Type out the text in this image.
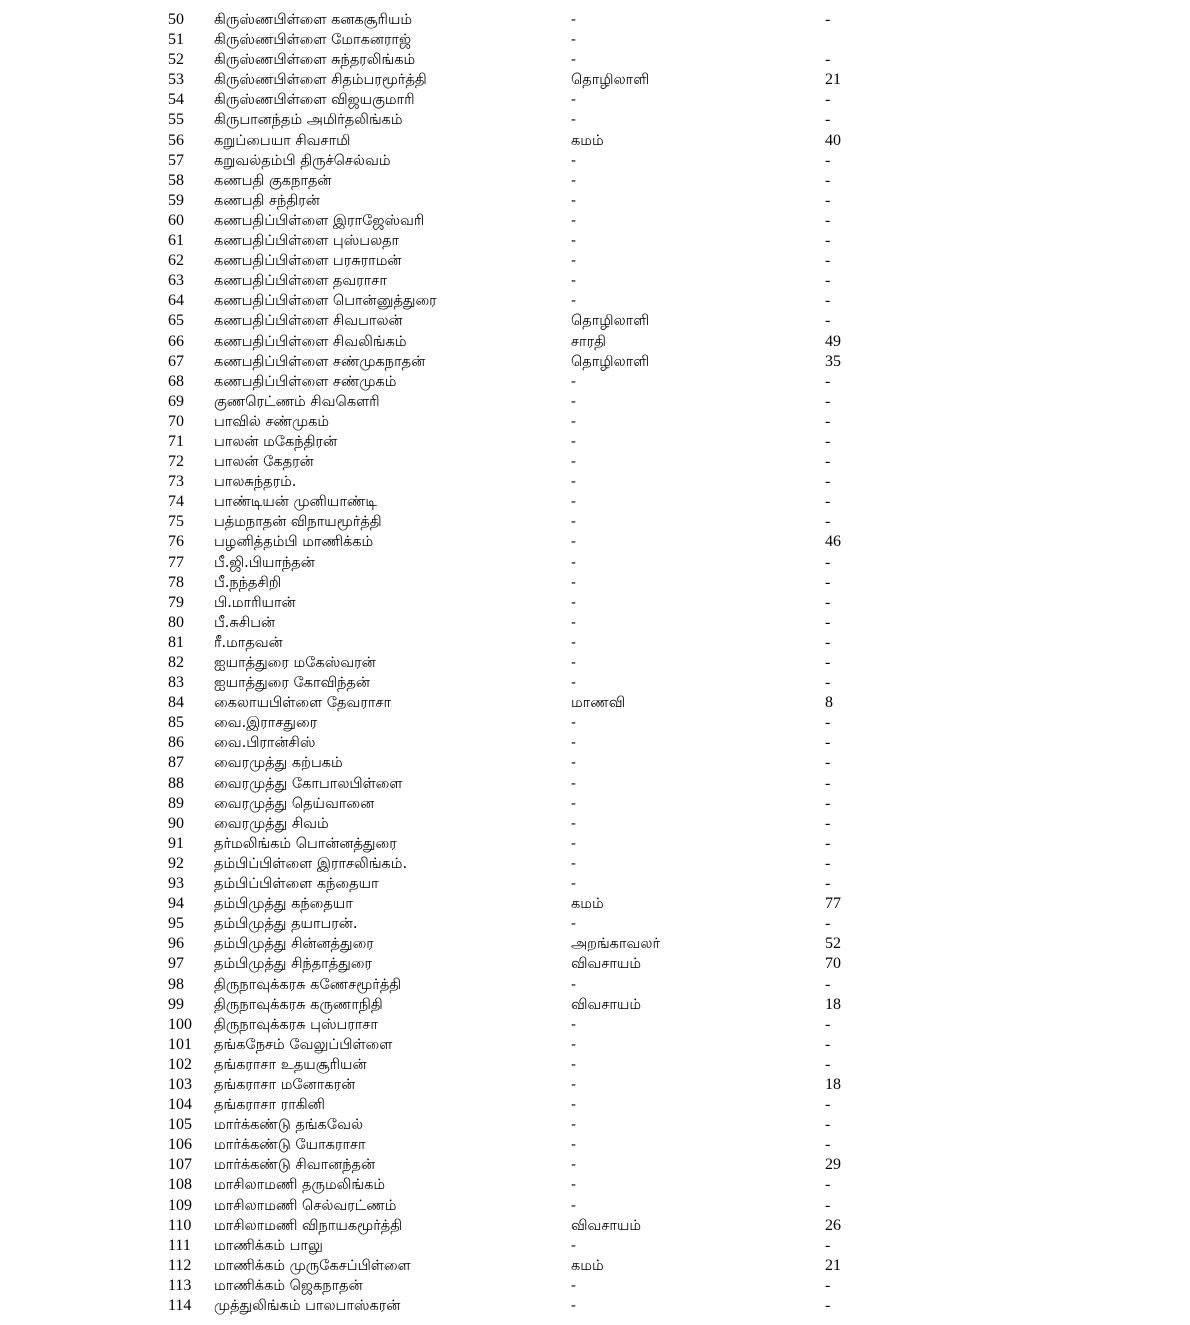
50 கிருஸ்ணபிள்ளை கனகசூரியம்	-	-
51 கிருஸ்ணபிள்ளை மோகனராஜ்	-
52 கிருஸ்ணபிள்ளை சுந்தரலிங்கம்	-	-
53 கிருஸ்ணபிள்ளை சிதம்பரமூர்த்தி	தொழிலாளி	21
54 கிருஸ்ணபிள்ளை விஜயகுமாரி	-	-
55 கிருபானந்தம் அமிர்தலிங்கம்	-	-
56 கறுப்பையா சிவசாமி	கமம்	40
57 கறுவல்தம்பி திருச்செல்வம்	-	-
58 கணபதி குகநாதன்	-	-
59 கணபதி சந்திரன்	-	-
60 கணபதிப்பிள்ளை இராஜேஸ்வரி	-	-
61 கணபதிப்பிள்ளை புஸ்பலதா	-	-
62 கணபதிப்பிள்ளை பரசுராமன்	-	-
63 கணபதிப்பிள்ளை தவராசா	-	-
64 கணபதிப்பிள்ளை பொன்னுத்துரை	-	-
65 கணபதிப்பிள்ளை சிவபாலன்	தொழிலாளி	-
66 கணபதிப்பிள்ளை சிவலிங்கம்	சாரதி	49
67 கணபதிப்பிள்ளை சண்முகநாதன்	தொழிலாளி	35
68 கணபதிப்பிள்ளை சண்முகம்	-	-
69 குணரெட்ணம் சிவகௌரி	-	-
70 பாவில் சண்முகம்	-	-
71 பாலன் மகேந்திரன்	-	-
72 பாலன் கேதரன்	-	-
73 பாலசுந்தரம்.	-	-
74 பாண்டியன் முனியாண்டி	-	-
75 பத்மநாதன் விநாயமூர்த்தி	-	-
76 பழனித்தம்பி மாணிக்கம்	-	46
77 பீ.ஜி.பியாந்தன்	-	-
78 பீ.நந்தசிறி	-	-
79 பி.மாரியான்	-	-
80 பீ.சுசிபன்	-	-
81 ரீ.மாதவன்	-	-
82 ஐயாத்துரை மகேஸ்வரன்	-	-
83 ஐயாத்துரை கோவிந்தன்	-	-
84 கைலாயபிள்ளை தேவராசா	மாணவி	8
85 வை.இராசதுரை	-	-
86 வை.பிரான்சிஸ்	-	-
87 வைரமுத்து கற்பகம்	-	-
88 வைரமுத்து கோபாலபிள்ளை	-	-
89 வைரமுத்து தெய்வானை	-	-
90 வைரமுத்து சிவம்	-	-
91 தர்மலிங்கம் பொன்னத்துரை	-	-
92 தம்பிப்பிள்ளை இராசலிங்கம்.	-	-
93 தம்பிப்பிள்ளை கந்தையா	-	-
94 தம்பிமுத்து கந்தையா	கமம்	77
95 தம்பிமுத்து தயாபரன்.	-	-
96 தம்பிமுத்து சின்னத்துரை	அறங்காவலர்	52
97 தம்பிமுத்து சிந்தாத்துரை	விவசாயம்	70
98 திருநாவுக்கரசு கணேசமூர்த்தி	-	-
99 திருநாவுக்கரசு கருணாநிதி	விவசாயம்	18
100 திருநாவுக்கரசு புஸ்பராசா	-	-
101 தங்கநேசம் வேலுப்பிள்ளை	-	-
102 தங்கராசா உதயசூரியன்	-	-
103 தங்கராசா மனோகரன்	-	18
104 தங்கராசா ராகினி	-	-
105 மார்க்கண்டு தங்கவேல்	-	-
106 மார்க்கண்டு யோகராசா	-	-
107 மார்க்கண்டு சிவானந்தன்	-	29
108 மாசிலாமணி தருமலிங்கம்	-	-
109 மாசிலாமணி செல்வரட்ணம்	-	-
110 மாசிலாமணி விநாயகமூர்த்தி	விவசாயம்	26
111 மாணிக்கம் பாலு	-	-
112 மாணிக்கம் முருகேசப்பிள்ளை	கமம்	21
113 மாணிக்கம் ஜெகநாதன்	-	-
114 முத்துலிங்கம் பாலபாஸ்கரன்	-	-
